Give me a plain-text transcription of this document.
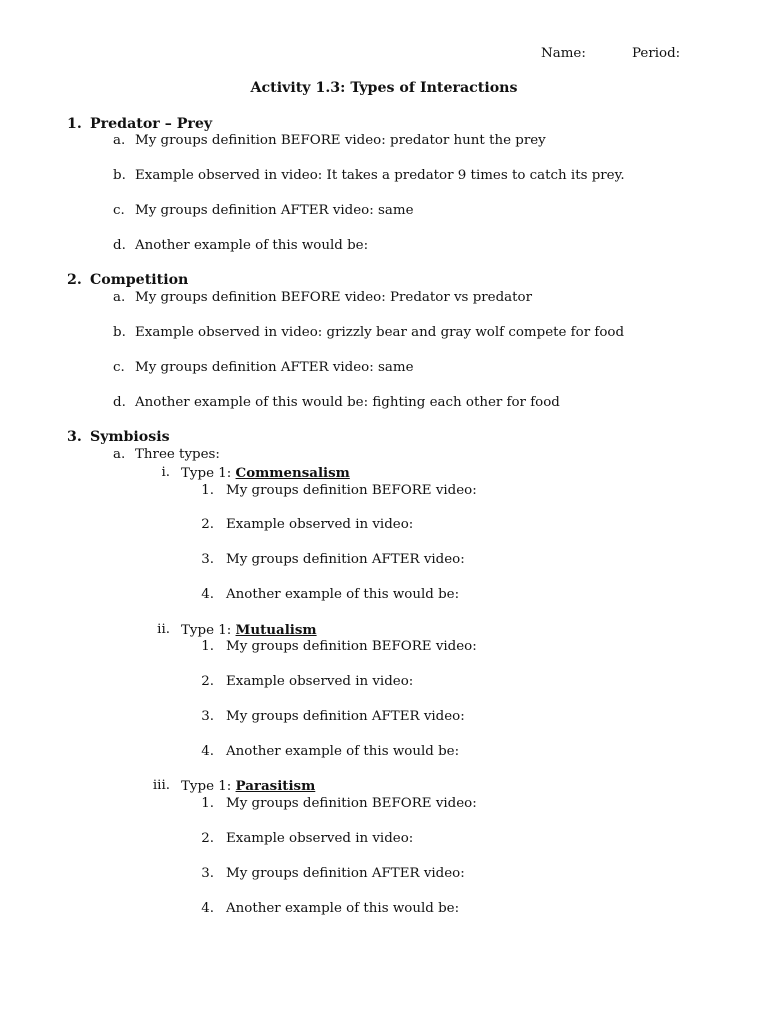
Name:	Period:
Activity 1.3: Types of Interactions
1. Predator – Prey
a. My groups definition BEFORE video: predator hunt the prey
b. Example observed in video: It takes a predator 9 times to catch its prey.
c. My groups definition AFTER video: same
d. Another example of this would be:
2. Competition
a. My groups definition BEFORE video: Predator vs predator
b. Example observed in video: grizzly bear and gray wolf compete for food
c. My groups definition AFTER video: same
d. Another example of this would be: fighting each other for food
3. Symbiosis
a. Three types:
i. Type 1: Commensalism
1. My groups definition BEFORE video:
2. Example observed in video:
3. My groups definition AFTER video:
4. Another example of this would be:
ii. Type 1: Mutualism
1. My groups definition BEFORE video:
2. Example observed in video:
3. My groups definition AFTER video:
4. Another example of this would be:
iii. Type 1: Parasitism
1. My groups definition BEFORE video:
2. Example observed in video:
3. My groups definition AFTER video:
4. Another example of this would be:
